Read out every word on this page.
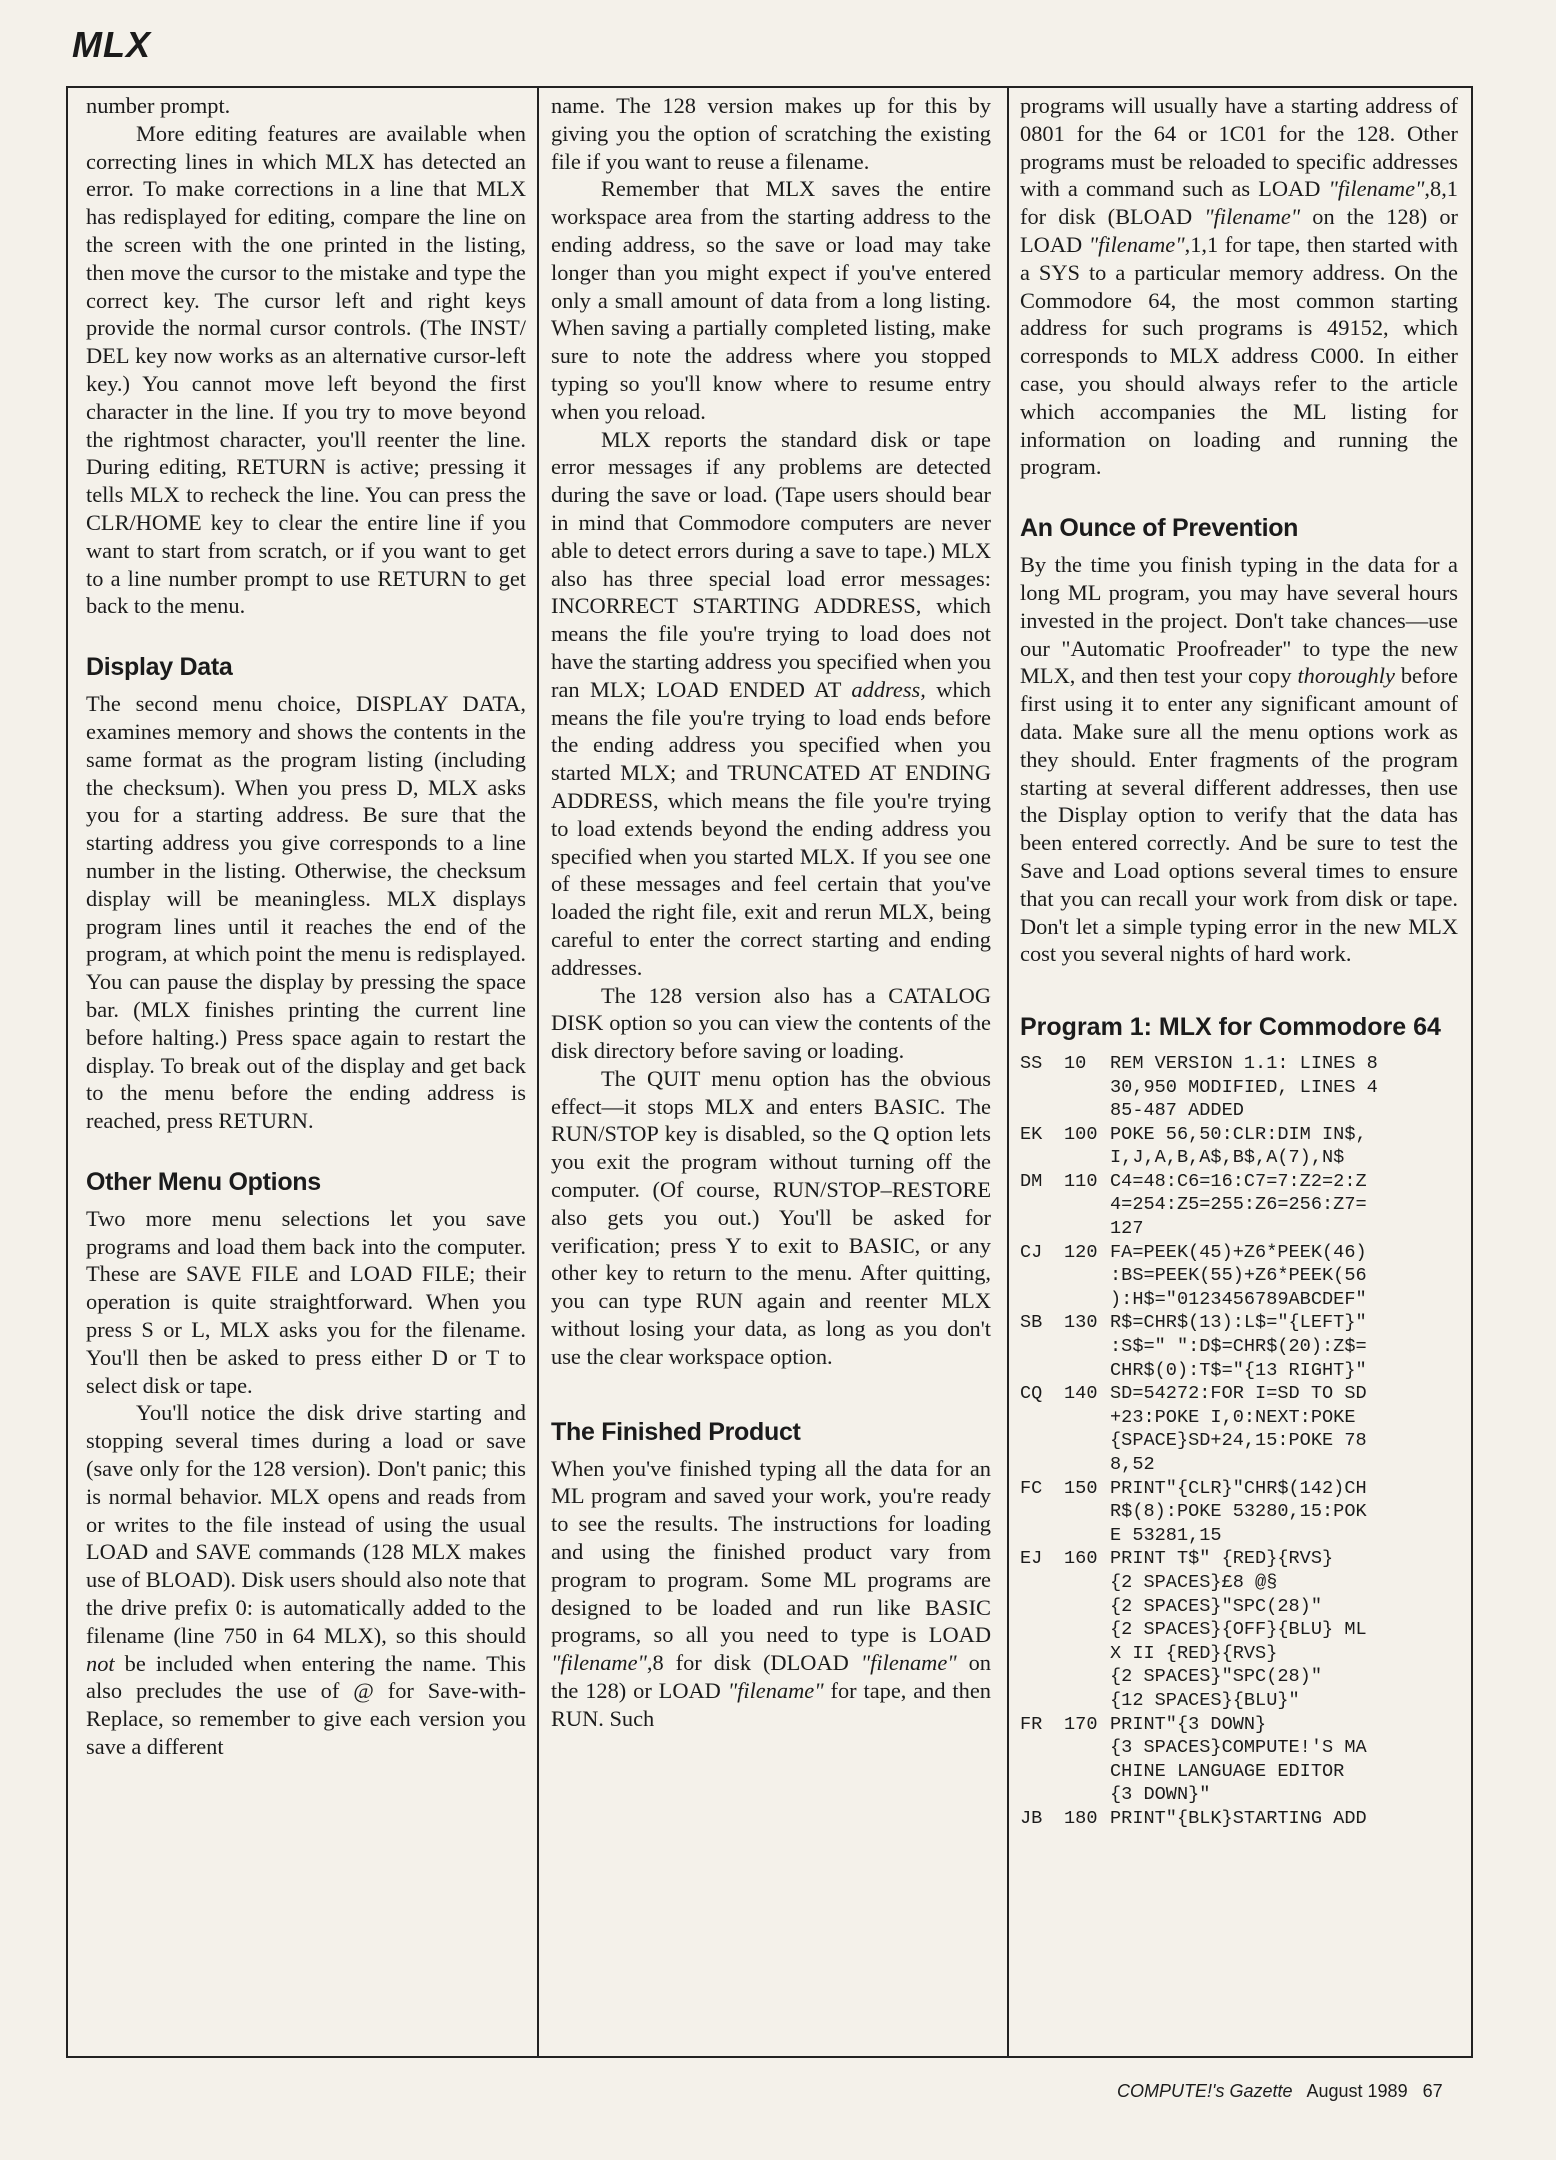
MLX

number prompt.

More editing features are available when correcting lines in which MLX has detected an error. To make corrections in a line that MLX has redisplayed for editing, compare the line on the screen with the one printed in the listing, then move the cursor to the mistake and type the correct key. The cursor left and right keys provide the normal cursor controls. (The INST/ DEL key now works as an alternative cursor-left key.) You cannot move left beyond the first character in the line. If you try to move beyond the rightmost character, you'll reenter the line. During editing, RETURN is active; pressing it tells MLX to recheck the line. You can press the CLR/HOME key to clear the entire line if you want to start from scratch, or if you want to get to a line number prompt to use RETURN to get back to the menu.

Display Data

The second menu choice, DISPLAY DATA, examines memory and shows the contents in the same format as the program listing (including the checksum). When you press D, MLX asks you for a starting address. Be sure that the starting address you give corresponds to a line number in the listing. Otherwise, the checksum display will be meaningless. MLX displays program lines until it reaches the end of the program, at which point the menu is redisplayed. You can pause the display by pressing the space bar. (MLX finishes printing the current line before halting.) Press space again to restart the display. To break out of the display and get back to the menu before the ending address is reached, press RETURN.

Other Menu Options

Two more menu selections let you save programs and load them back into the computer. These are SAVE FILE and LOAD FILE; their operation is quite straightforward. When you press S or L, MLX asks you for the filename. You'll then be asked to press either D or T to select disk or tape.

You'll notice the disk drive starting and stopping several times during a load or save (save only for the 128 version). Don't panic; this is normal behavior. MLX opens and reads from or writes to the file instead of using the usual LOAD and SAVE commands (128 MLX makes use of BLOAD). Disk users should also note that the drive prefix 0: is automatically added to the filename (line 750 in 64 MLX), so this should not be included when entering the name. This also precludes the use of @ for Save-with-Replace, so remember to give each version you save a different

name. The 128 version makes up for this by giving you the option of scratching the existing file if you want to reuse a filename.

Remember that MLX saves the entire workspace area from the starting address to the ending address, so the save or load may take longer than you might expect if you've entered only a small amount of data from a long listing. When saving a partially completed listing, make sure to note the address where you stopped typing so you'll know where to resume entry when you reload.

MLX reports the standard disk or tape error messages if any problems are detected during the save or load. (Tape users should bear in mind that Commodore computers are never able to detect errors during a save to tape.) MLX also has three special load error messages: INCORRECT STARTING ADDRESS, which means the file you're trying to load does not have the starting address you specified when you ran MLX; LOAD ENDED AT address, which means the file you're trying to load ends before the ending address you specified when you started MLX; and TRUNCATED AT ENDING ADDRESS, which means the file you're trying to load extends beyond the ending address you specified when you started MLX. If you see one of these messages and feel certain that you've loaded the right file, exit and rerun MLX, being careful to enter the correct starting and ending addresses.

The 128 version also has a CATALOG DISK option so you can view the contents of the disk directory before saving or loading.

The QUIT menu option has the obvious effect—it stops MLX and enters BASIC. The RUN/STOP key is disabled, so the Q option lets you exit the program without turning off the computer. (Of course, RUN/STOP–RESTORE also gets you out.) You'll be asked for verification; press Y to exit to BASIC, or any other key to return to the menu. After quitting, you can type RUN again and reenter MLX without losing your data, as long as you don't use the clear workspace option.

The Finished Product

When you've finished typing all the data for an ML program and saved your work, you're ready to see the results. The instructions for loading and using the finished product vary from program to program. Some ML programs are designed to be loaded and run like BASIC programs, so all you need to type is LOAD "filename",8 for disk (DLOAD "filename" on the 128) or LOAD "filename" for tape, and then RUN. Such

programs will usually have a starting address of 0801 for the 64 or 1C01 for the 128. Other programs must be reloaded to specific addresses with a command such as LOAD "filename",8,1 for disk (BLOAD "filename" on the 128) or LOAD "filename",1,1 for tape, then started with a SYS to a particular memory address. On the Commodore 64, the most common starting address for such programs is 49152, which corresponds to MLX address C000. In either case, you should always refer to the article which accompanies the ML listing for information on loading and running the program.

An Ounce of Prevention

By the time you finish typing in the data for a long ML program, you may have several hours invested in the project. Don't take chances—use our "Automatic Proofreader" to type the new MLX, and then test your copy thoroughly before first using it to enter any significant amount of data. Make sure all the menu options work as they should. Enter fragments of the program starting at several different addresses, then use the Display option to verify that the data has been entered correctly. And be sure to test the Save and Load options several times to ensure that you can recall your work from disk or tape. Don't let a simple typing error in the new MLX cost you several nights of hard work.

Program 1: MLX for Commodore 64
SS	10	REM VERSION 1.1: LINES 8
30,950 MODIFIED, LINES 4
85-487 ADDED
EK	100 POKE 56,50:CLR:DIM IN$,
I,J,A,B,A$,B$,A(7),N$
DM	110 C4=48:C6=16:C7=7:Z2=2:Z
4=254:Z5=255:Z6=256:Z7=
127
CJ	120 FA=PEEK(45)+Z6*PEEK(46)
:BS=PEEK(55)+Z6*PEEK(56
):H$="0123456789ABCDEF"
SB	130 R$=CHR$(13):L$="{LEFT}"
:S$=" ":D$=CHR$(20):Z$=
CHR$(0):T$="{13 RIGHT}"
CQ	140 SD=54272:FOR I=SD TO SD
+23:POKE I,0:NEXT:POKE
{SPACE}SD+24,15:POKE 78
8,52
FC	150 PRINT"{CLR}"CHR$(142)CH
R$(8):POKE 53280,15:POK
E 53281,15
EJ	160 PRINT T$" {RED}{RVS}
{2 SPACES}£8 @§
{2 SPACES}"SPC(28)"
{2 SPACES}{OFF}{BLU} ML
X II {RED}{RVS}
{2 SPACES}"SPC(28)"
{12 SPACES}{BLU}"
FR	170 PRINT"{3 DOWN}
{3 SPACES}COMPUTE!'S MA
CHINE LANGUAGE EDITOR
{3 DOWN}"
JB	180 PRINT"{BLK}STARTING ADD
COMPUTE!'s Gazette August 1989 67
